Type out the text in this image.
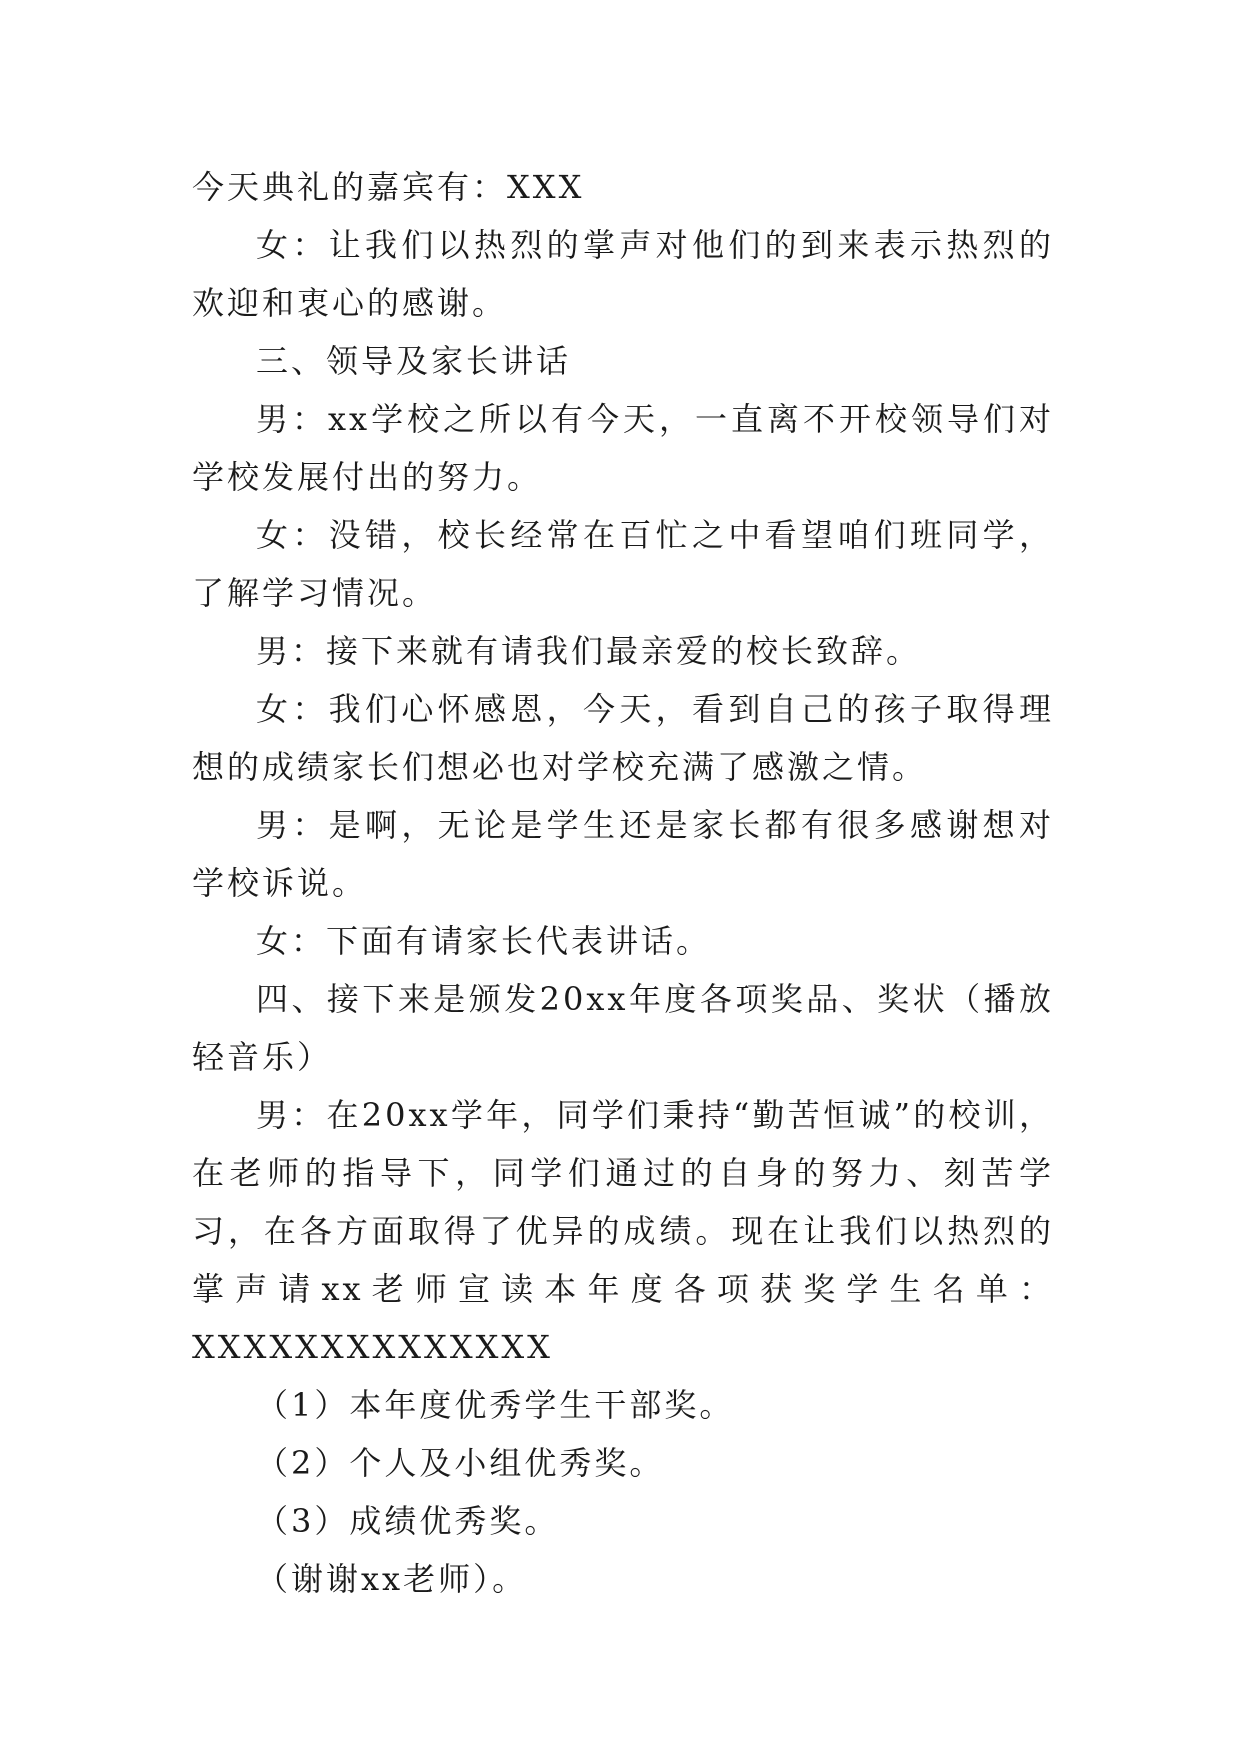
今天典礼的嘉宾有：XXX

女：让我们以热烈的掌声对他们的到来表示热烈的欢迎和衷心的感谢。

三、领导及家长讲话

男：xx学校之所以有今天，一直离不开校领导们对学校发展付出的努力。

女：没错，校长经常在百忙之中看望咱们班同学，了解学习情况。

男：接下来就有请我们最亲爱的校长致辞。

女：我们心怀感恩，今天，看到自己的孩子取得理想的成绩家长们想必也对学校充满了感激之情。

男：是啊，无论是学生还是家长都有很多感谢想对学校诉说。

女：下面有请家长代表讲话。

四、接下来是颁发20xx年度各项奖品、奖状（播放轻音乐）

男：在20xx学年，同学们秉持“勤苦恒诚”的校训，在老师的指导下，同学们通过的自身的努力、刻苦学习，在各方面取得了优异的成绩。现在让我们以热烈的掌声请xx老师宣读本年度各项获奖学生名单：XXXXXXXXXXXXXX

（1）本年度优秀学生干部奖。

（2）个人及小组优秀奖。

（3）成绩优秀奖。

（谢谢xx老师）。
